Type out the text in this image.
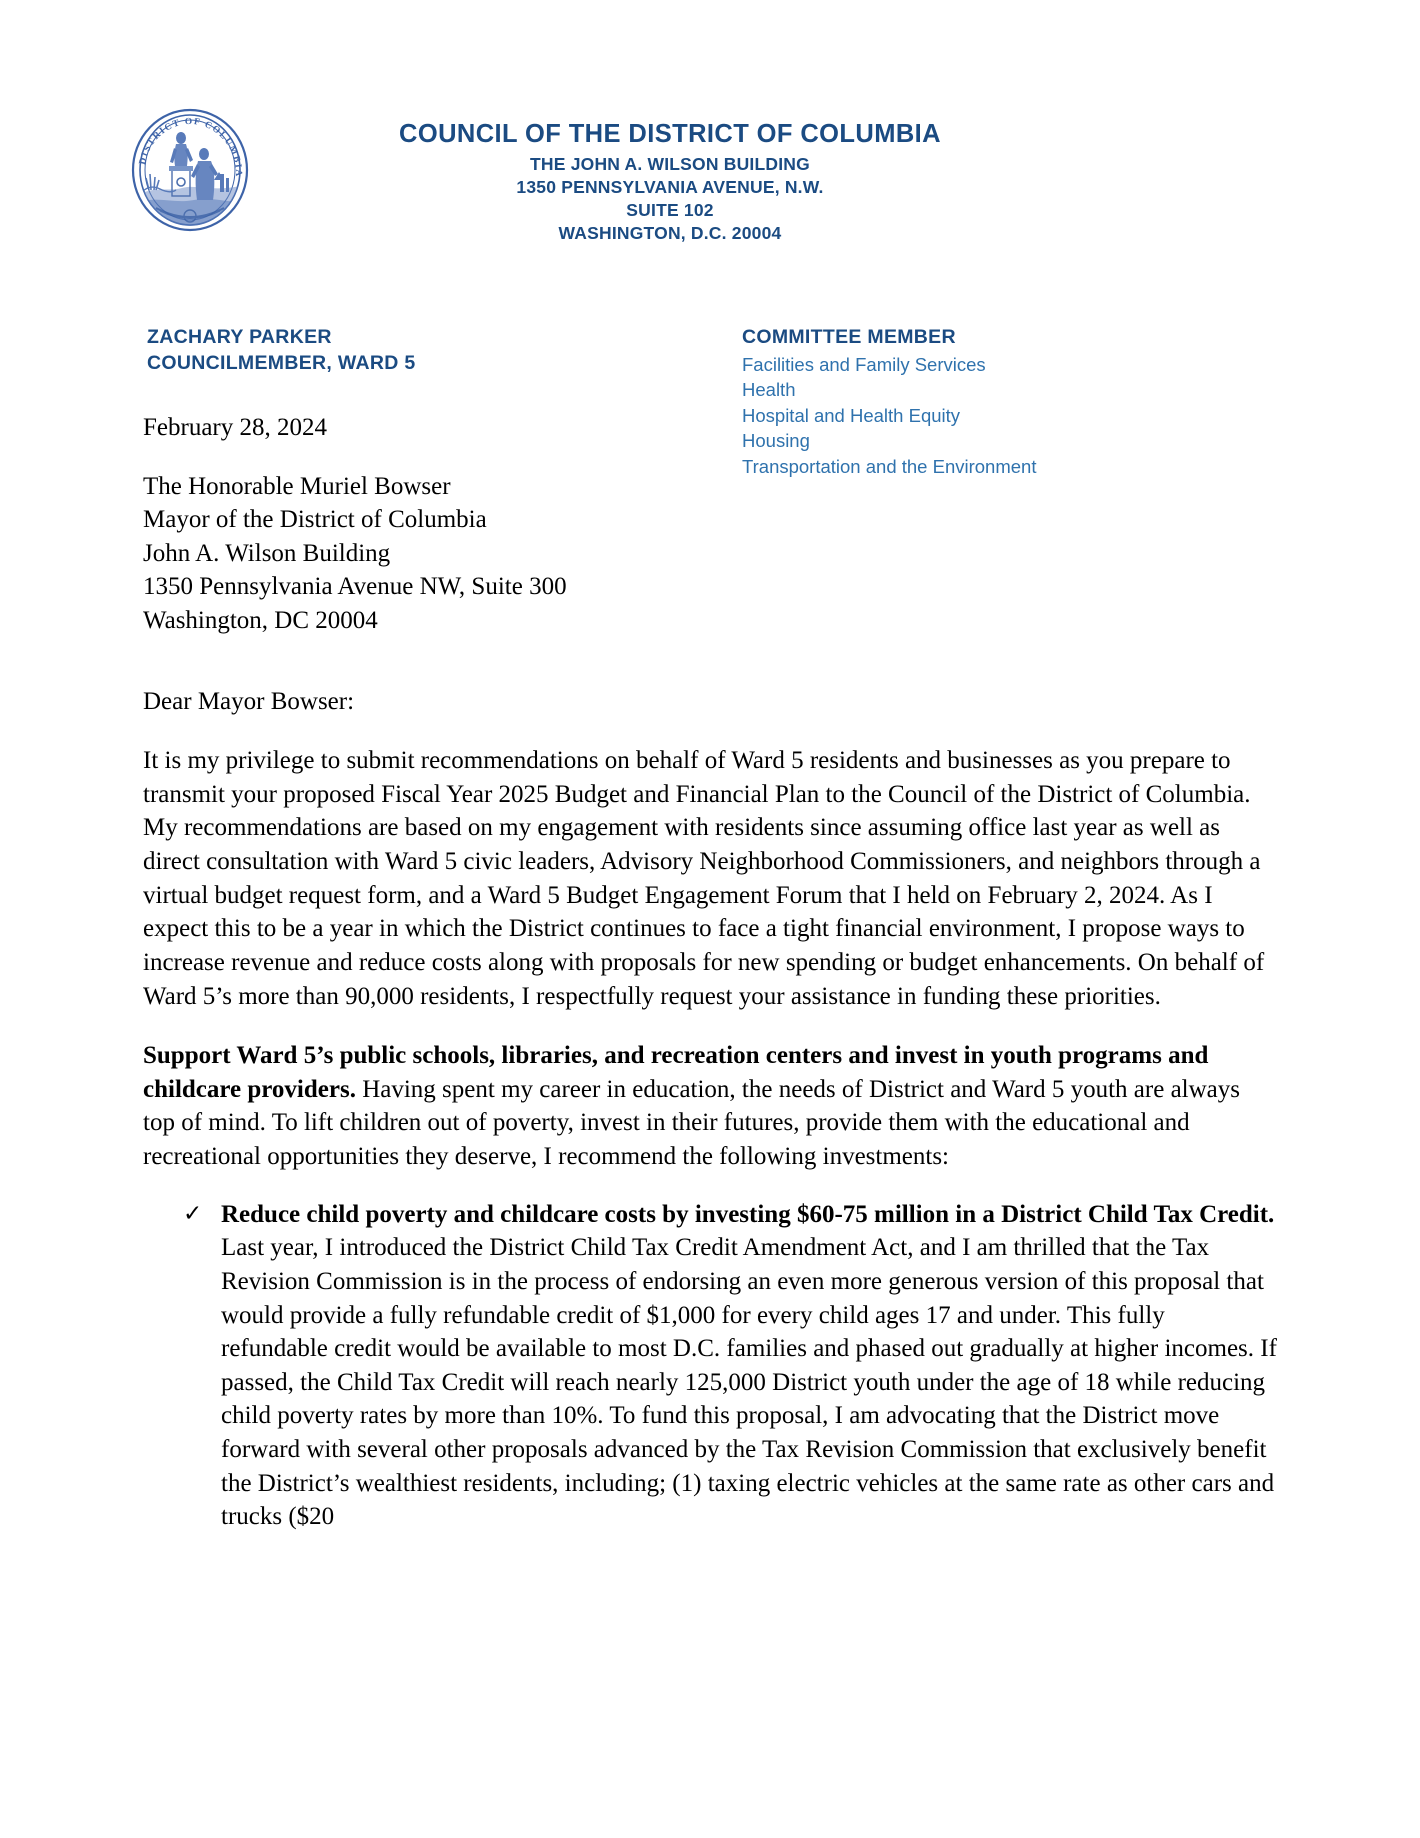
DISTRICT OF COLUMBIA
COUNCIL OF THE DISTRICT OF COLUMBIA
THE JOHN A. WILSON BUILDING
1350 PENNSYLVANIA AVENUE, N.W.
SUITE 102
WASHINGTON, D.C. 20004
ZACHARY PARKER
COUNCILMEMBER, WARD 5
COMMITTEE MEMBER
Facilities and Family Services
Health
Hospital and Health Equity
Housing
Transportation and the Environment
February 28, 2024
The Honorable Muriel Bowser
Mayor of the District of Columbia
John A. Wilson Building
1350 Pennsylvania Avenue NW, Suite 300
Washington, DC 20004
Dear Mayor Bowser:

It is my privilege to submit recommendations on behalf of Ward 5 residents and businesses as you prepare to transmit your proposed Fiscal Year 2025 Budget and Financial Plan to the Council of the District of Columbia. My recommendations are based on my engagement with residents since assuming office last year as well as direct consultation with Ward 5 civic leaders, Advisory Neighborhood Commissioners, and neighbors through a virtual budget request form, and a Ward 5 Budget Engagement Forum that I held on February 2, 2024. As I expect this to be a year in which the District continues to face a tight financial environment, I propose ways to increase revenue and reduce costs along with proposals for new spending or budget enhancements. On behalf of Ward 5’s more than 90,000 residents, I respectfully request your assistance in funding these priorities.

Support Ward 5’s public schools, libraries, and recreation centers and invest in youth programs and childcare providers. Having spent my career in education, the needs of District and Ward 5 youth are always top of mind. To lift children out of poverty, invest in their futures, provide them with the educational and recreational opportunities they deserve, I recommend the following investments:

✓ Reduce child poverty and childcare costs by investing $60-75 million in a District Child Tax Credit. Last year, I introduced the District Child Tax Credit Amendment Act, and I am thrilled that the Tax Revision Commission is in the process of endorsing an even more generous version of this proposal that would provide a fully refundable credit of $1,000 for every child ages 17 and under. This fully refundable credit would be available to most D.C. families and phased out gradually at higher incomes. If passed, the Child Tax Credit will reach nearly 125,000 District youth under the age of 18 while reducing child poverty rates by more than 10%. To fund this proposal, I am advocating that the District move forward with several other proposals advanced by the Tax Revision Commission that exclusively benefit the District’s wealthiest residents, including; (1) taxing electric vehicles at the same rate as other cars and trucks ($20
